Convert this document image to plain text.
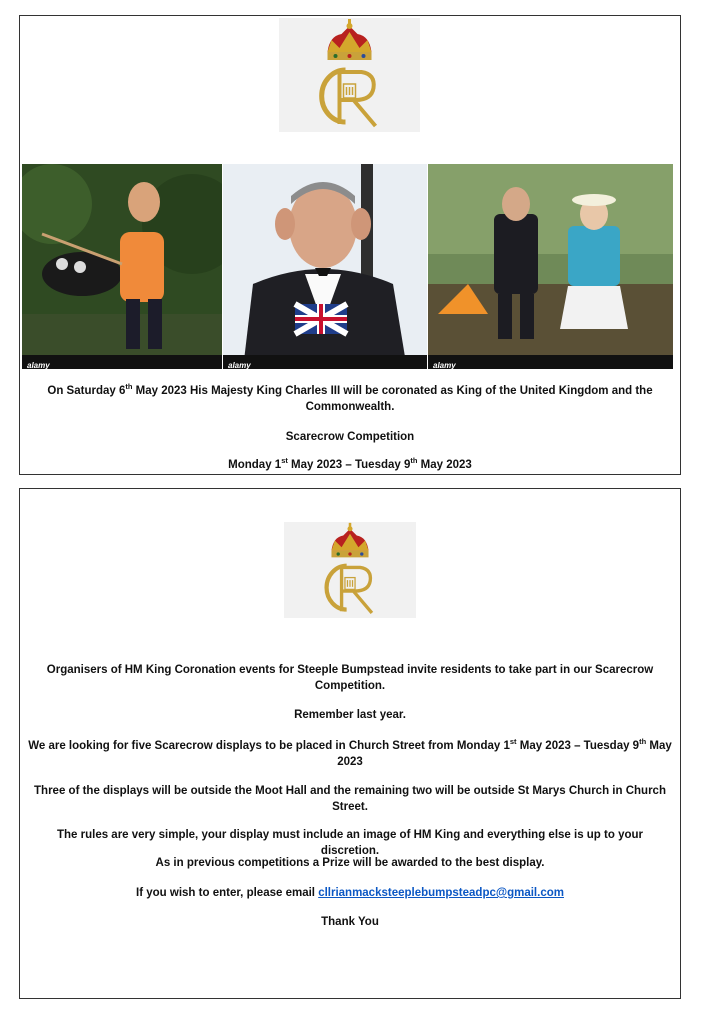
alamy	alamy	alamy
On Saturday 6th May 2023 His Majesty King Charles III will be coronated as King of the United Kingdom and the Commonwealth.
Scarecrow Competition
Monday 1st May 2023 – Tuesday 9th May 2023
Organisers of HM King Coronation events for Steeple Bumpstead invite residents to take part in our Scarecrow Competition.
Remember last year.
We are looking for five Scarecrow displays to be placed in Church Street from Monday 1st May 2023 – Tuesday 9th May 2023
Three of the displays will be outside the Moot Hall and the remaining two will be outside St Marys Church in Church Street.
The rules are very simple, your display must include an image of HM King and everything else is up to your discretion.
As in previous competitions a Prize will be awarded to the best display.
If you wish to enter, please email cllrianmacksteeplebumpsteadpc@gmail.com
Thank You
